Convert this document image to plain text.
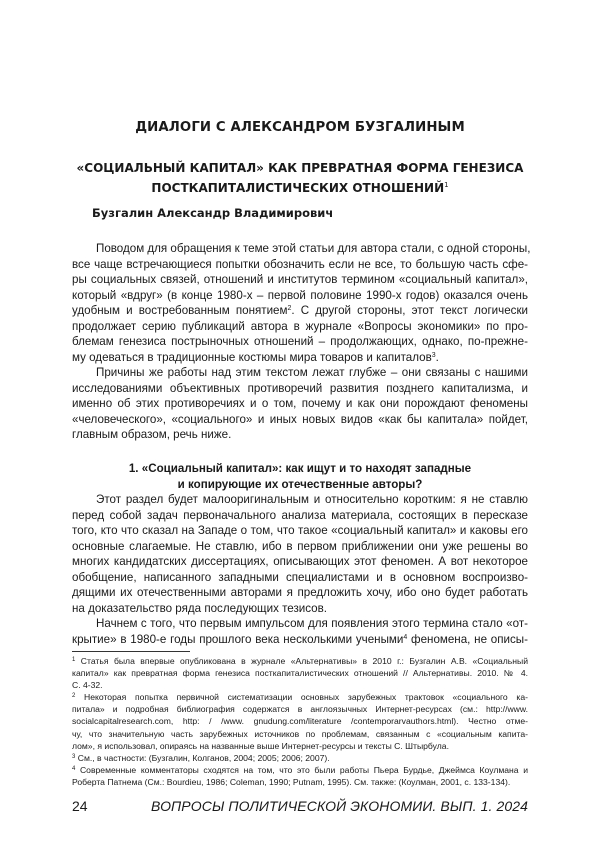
ДИАЛОГИ С АЛЕКСАНДРОМ БУЗГАЛИНЫМ
«СОЦИАЛЬНЫЙ КАПИТАЛ» КАК ПРЕВРАТНАЯ ФОРМА ГЕНЕЗИСА
ПОСТКАПИТАЛИСТИЧЕСКИХ ОТНОШЕНИЙ$^1$
Бузгалин Александр Владимирович
Поводом для обращения к теме этой статьи для автора стали, с одной стороны,
все чаще встречающиеся попытки обозначить если не все, то большую часть сфе-
ры социальных связей, отношений и институтов термином «социальный капитал»,
который «вдруг» (в конце 1980-х – первой половине 1990-х годов) оказался очень
удобным и востребованным понятием$^2$. С другой стороны, этот текст логически
продолжает серию публикаций автора в журнале «Вопросы экономики» по про-
блемам генезиса пострыночных отношений – продолжающих, однако, по-прежне-
му одеваться в традиционные костюмы мира товаров и капиталов$^3$.
Причины же работы над этим текстом лежат глубже – они связаны с нашими
исследованиями объективных противоречий развития позднего капитализма, и
именно об этих противоречиях и о том, почему и как они порождают феномены
«человеческого», «социального» и иных новых видов «как бы капитала» пойдет,
главным образом, речь ниже.
1. «Социальный капитал»: как ищут и то находят западные
и копирующие их отечественные авторы?
Этот раздел будет малооригинальным и относительно коротким: я не ставлю
перед собой задач первоначального анализа материала, состоящих в пересказе
того, кто что сказал на Западе о том, что такое «социальный капитал» и каковы его
основные слагаемые. Не ставлю, ибо в первом приближении они уже решены во
многих кандидатских диссертациях, описывающих этот феномен. А вот некоторое
обобщение, написанного западными специалистами и в основном воспроизво-
дящими их отечественными авторами я предложить хочу, ибо оно будет работать
на доказательство ряда последующих тезисов.
Начнем с того, что первым импульсом для появления этого термина стало «от-
крытие» в 1980-е годы прошлого века несколькими учеными$^4$ феномена, не описы-
$^1$ Статья была впервые опубликована в журнале «Альтернативы» в 2010 г.: Бузгалин А.В. «Социальный
капитал» как превратная форма генезиса посткапиталистических отношений // Альтернативы. 2010. № 4.
С. 4-32.
$^2$ Некоторая попытка первичной систематизации основных зарубежных трактовок «социального ка-
питала» и подробная библиография содержатся в англоязычных Интернет-ресурсах (см.: http://www.
socialcapitalresearch.com, http: / /www. gnudung.com/literature /contemporarvauthors.html). Честно отме-
чу, что значительную часть зарубежных источников по проблемам, связанным с «социальным капита-
лом», я использовал, опираясь на названные выше Интернет-ресурсы и тексты С. Штырбула.
$^3$ См., в частности: (Бузгалин, Колганов, 2004; 2005; 2006; 2007).
$^4$ Современные комментаторы сходятся на том, что это были работы Пьера Бурдье, Джеймса Коулмана и
Роберта Патнема (См.: Bourdieu, 1986; Coleman, 1990; Putnam, 1995). См. также: (Коулман, 2001, с. 133-134).
24	ВОПРОСЫ ПОЛИТИЧЕСКОЙ ЭКОНОМИИ. ВЫП. 1. 2024
